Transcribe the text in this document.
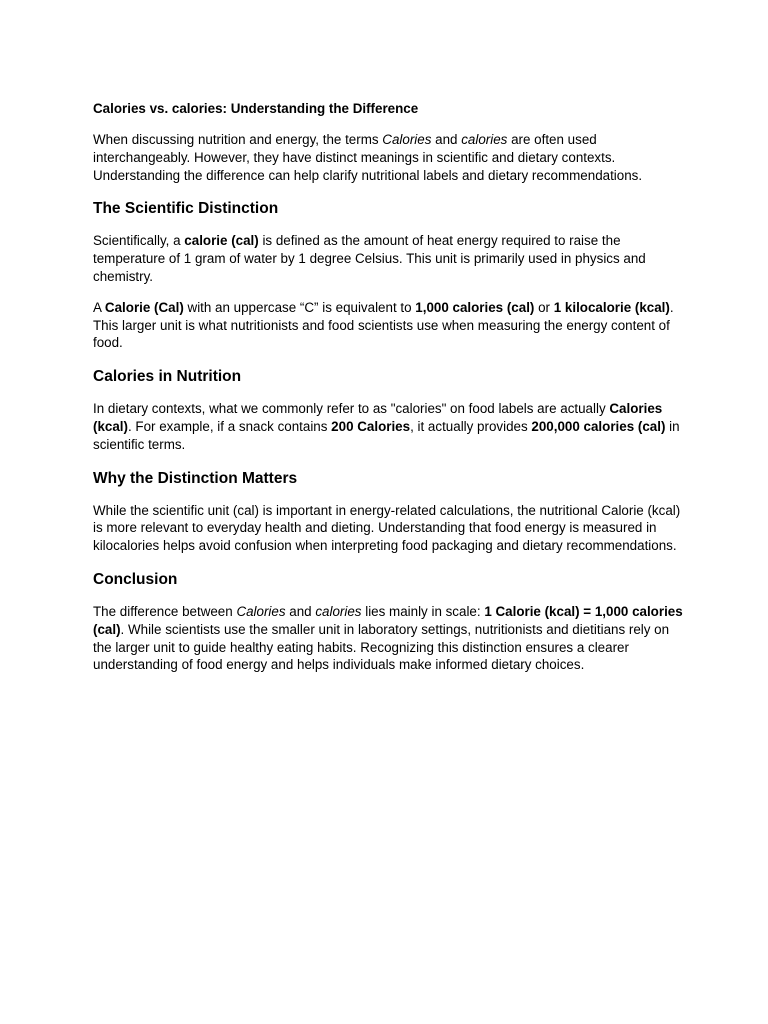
Calories vs. calories: Understanding the Difference

When discussing nutrition and energy, the terms Calories and calories are often used interchangeably. However, they have distinct meanings in scientific and dietary contexts. Understanding the difference can help clarify nutritional labels and dietary recommendations.

The Scientific Distinction

Scientifically, a calorie (cal) is defined as the amount of heat energy required to raise the temperature of 1 gram of water by 1 degree Celsius. This unit is primarily used in physics and chemistry.

A Calorie (Cal) with an uppercase “C” is equivalent to 1,000 calories (cal) or 1 kilocalorie (kcal). This larger unit is what nutritionists and food scientists use when measuring the energy content of food.

Calories in Nutrition

In dietary contexts, what we commonly refer to as "calories" on food labels are actually Calories (kcal). For example, if a snack contains 200 Calories, it actually provides 200,000 calories (cal) in scientific terms.

Why the Distinction Matters

While the scientific unit (cal) is important in energy-related calculations, the nutritional Calorie (kcal) is more relevant to everyday health and dieting. Understanding that food energy is measured in kilocalories helps avoid confusion when interpreting food packaging and dietary recommendations.

Conclusion

The difference between Calories and calories lies mainly in scale: 1 Calorie (kcal) = 1,000 calories (cal). While scientists use the smaller unit in laboratory settings, nutritionists and dietitians rely on the larger unit to guide healthy eating habits. Recognizing this distinction ensures a clearer understanding of food energy and helps individuals make informed dietary choices.
